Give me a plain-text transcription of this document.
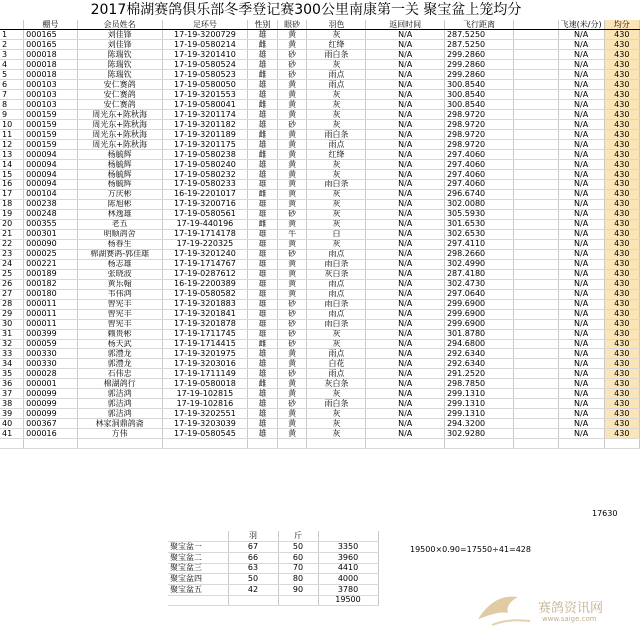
2017棉湖赛鸽俱乐部冬季登记赛300公里南康第一关 聚宝盆上笼均分
	棚号	会员姓名	足环号	性别	眼砂	羽色	返回时间	飞行距离		飞速(米/分)	均分
1	000165	刘佳锋	17-19-3200729	雄	黄	灰	N/A	287.5250		N/A	430
2	000165	刘佳锋	17-19-0580214	雌	黄	红绛	N/A	287.5250		N/A	430
3	000018	陈瑞钦	17-19-3201410	雄	砂	雨白条	N/A	299.2860		N/A	430
4	000018	陈瑞钦	17-19-0580524	雄	砂	灰	N/A	299.2860		N/A	430
5	000018	陈瑞钦	17-19-0580523	雌	砂	雨点	N/A	299.2860		N/A	430
6	000103	安仁赛鸽	17-19-0580050	雄	黄	雨点	N/A	300.8540		N/A	430
7	000103	安仁赛鸽	17-19-3201553	雄	黄	灰	N/A	300.8540		N/A	430
8	000103	安仁赛鸽	17-19-0580041	雌	黄	灰	N/A	300.8540		N/A	430
9	000159	周光东+陈秋海	17-19-3201174	雄	黄	灰	N/A	298.9720		N/A	430
10	000159	周光东+陈秋海	17-19-3201182	雄	砂	灰	N/A	298.9720		N/A	430
11	000159	周光东+陈秋海	17-19-3201189	雌	黄	雨白条	N/A	298.9720		N/A	430
12	000159	周光东+陈秋海	17-19-3201175	雄	黄	雨点	N/A	298.9720		N/A	430
13	000094	杨毓辉	17-19-0580238	雌	黄	红绛	N/A	297.4060		N/A	430
14	000094	杨毓辉	17-19-0580240	雄	黄	灰	N/A	297.4060		N/A	430
15	000094	杨毓辉	17-19-0580232	雄	黄	灰	N/A	297.4060		N/A	430
16	000094	杨毓辉	17-19-0580233	雄	黄	雨白条	N/A	297.4060		N/A	430
17	000104	方庆彬	16-19-2201017	雌	黄	灰	N/A	296.6740		N/A	430
18	000238	陈旭彬	17-19-3200716	雄	黄	灰	N/A	302.0080		N/A	430
19	000248	林逸雄	17-19-0580561	雄	砂	灰	N/A	305.5930		N/A	430
20	000355	老五	17-19-440196	雌	黄	灰	N/A	301.6530		N/A	430
21	000301	明顺鸽舍	17-19-1714178	雄	牛	白	N/A	302.6530		N/A	430
22	000090	杨春生	17-19-220325	雄	黄	灰	N/A	297.4110		N/A	430
23	000025	棉湖赛鸽-郭佳雄	17-19-3201240	雄	砂	雨点	N/A	298.2660		N/A	430
24	000221	杨志雄	17-19-1714767	雄	黄	雨白条	N/A	302.4990		N/A	430
25	000189	张晓波	17-19-0287612	雄	黄	灰白条	N/A	287.4180		N/A	430
26	000182	黄乐翰	16-19-2200389	雄	黄	雨点	N/A	302.4730		N/A	430
27	000180	韦伟鸿	17-19-0580582	雄	黄	雨点	N/A	297.0640		N/A	430
28	000011	曾宪丰	17-19-3201883	雄	砂	雨白条	N/A	299.6900		N/A	430
29	000011	曾宪丰	17-19-3201841	雄	砂	雨点	N/A	299.6900		N/A	430
30	000011	曾宪丰	17-19-3201878	雄	砂	雨白条	N/A	299.6900		N/A	430
31	000399	赖贵彬	17-19-1711745	雄	砂	灰	N/A	301.8780		N/A	430
32	000059	杨天武	17-19-1714415	雌	砂	灰	N/A	294.6800		N/A	430
33	000330	郭澧龙	17-19-3201975	雄	黄	雨点	N/A	292.6340		N/A	430
34	000330	郭澧龙	17-19-3203016	雄	黄	白花	N/A	292.6340		N/A	430
35	000028	石伟忠	17-19-1711149	雄	砂	雨点	N/A	291.2520		N/A	430
36	000001	棉湖鸽行	17-19-0580018	雌	黄	灰白条	N/A	298.7850		N/A	430
37	000099	郭洁鸿	17-19-102815	雄	黄	灰	N/A	299.1310		N/A	430
38	000099	郭洁鸿	17-19-102816	雄	砂	雨白条	N/A	299.1310		N/A	430
39	000099	郭洁鸿	17-19-3202551	雄	黄	灰	N/A	299.1310		N/A	430
40	000367	林家洞鼎鸽斋	17-19-3203039	雄	黄	灰	N/A	294.3200		N/A	430
41	000016	方伟	17-19-0580545	雄	黄	灰	N/A	302.9280		N/A	430

17630
	羽	斤	
聚宝盆一	67	50	3350
聚宝盆二	66	60	3960
聚宝盆三	63	70	4410
聚宝盆四	50	80	4000
聚宝盆五	42	90	3780
			19500
19500×0.90=17550÷41=428
赛鸽资讯网
www.saige.com
